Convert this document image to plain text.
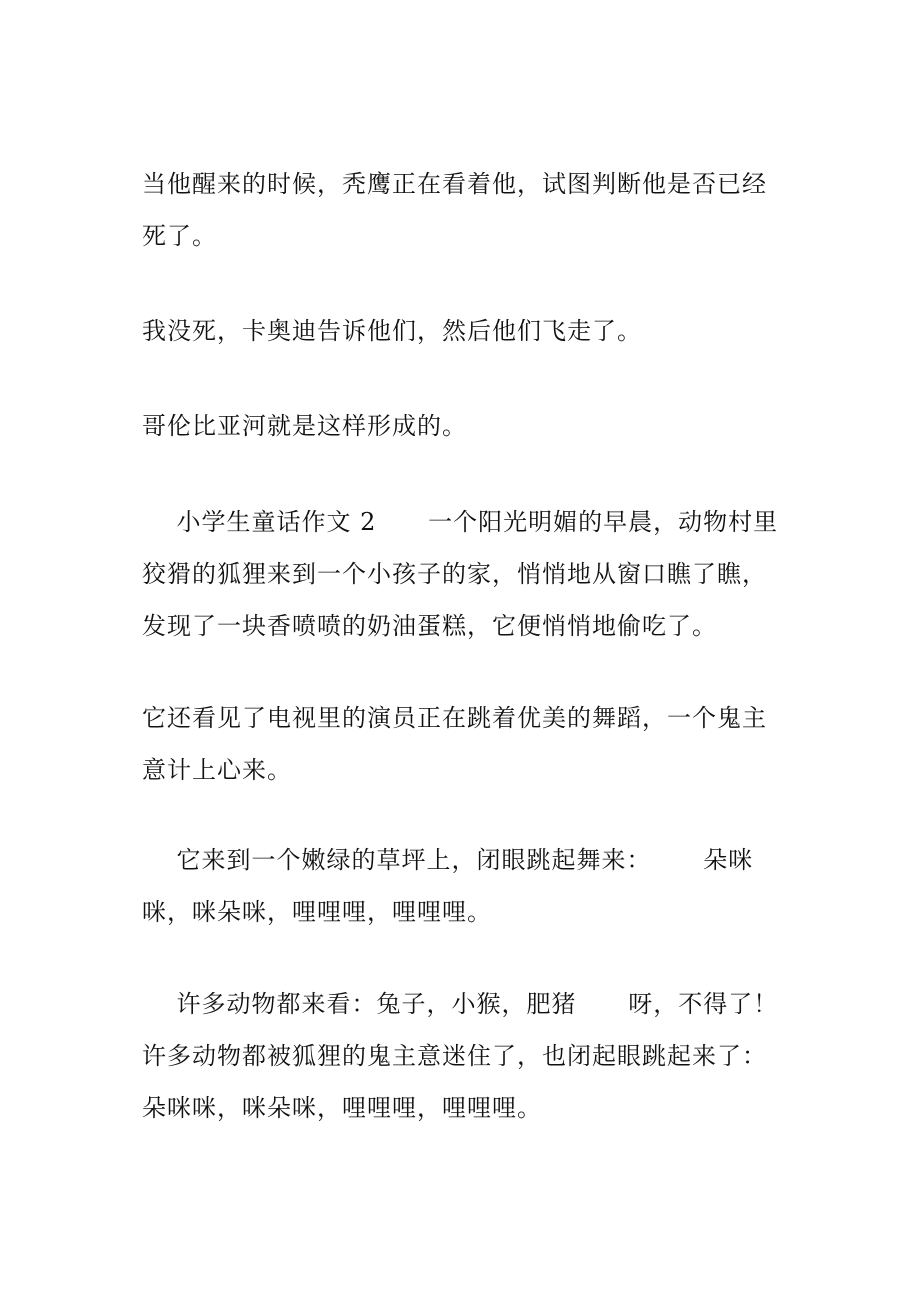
当他醒来的时候，秃鹰正在看着他，试图判断他是否已经
死了。

我没死，卡奥迪告诉他们，然后他们飞走了。

哥伦比亚河就是这样形成的。

小学生童话作文 2      一个阳光明媚的早晨，动物村里
狡猾的狐狸来到一个小孩子的家，悄悄地从窗口瞧了瞧，
发现了一块香喷喷的奶油蛋糕，它便悄悄地偷吃了。

它还看见了电视里的演员正在跳着优美的舞蹈，一个鬼主
意计上心来。

它来到一个嫩绿的草坪上，闭眼跳起舞来：      朵咪
咪，咪朵咪，哩哩哩，哩哩哩。

许多动物都来看：兔子，小猴，肥猪      呀，不得了！
许多动物都被狐狸的鬼主意迷住了，也闭起眼跳起来了：
朵咪咪，咪朵咪，哩哩哩，哩哩哩。
